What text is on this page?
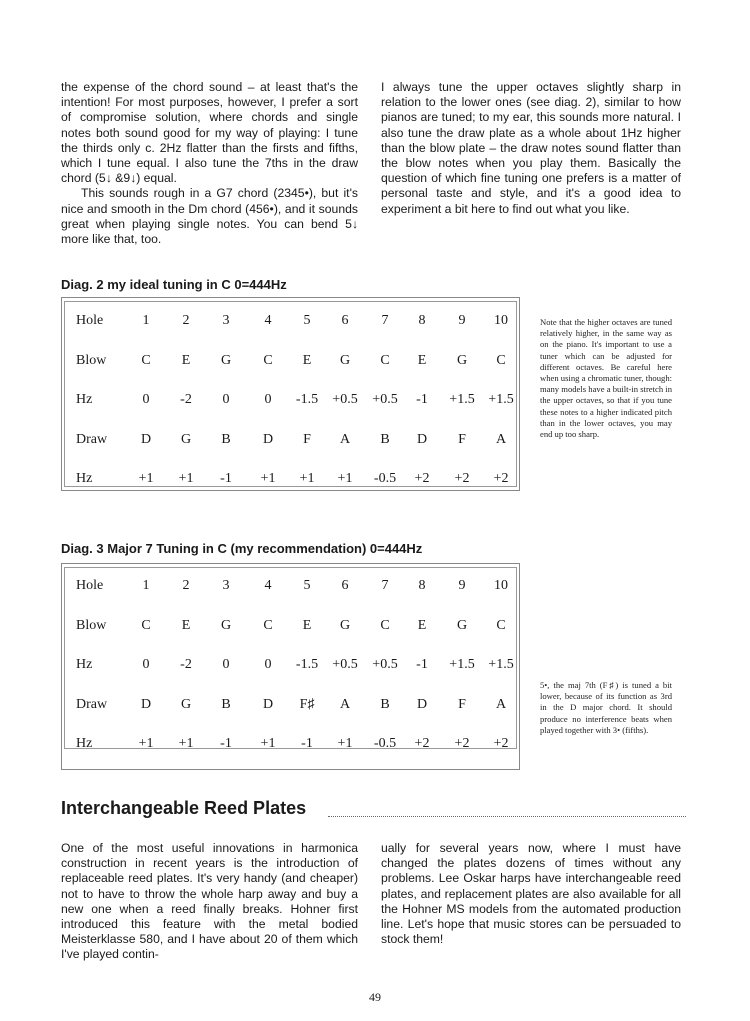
the expense of the chord sound – at least that's the intention! For most purposes, however, I prefer a sort of compromise solution, where chords and single notes both sound good for my way of playing: I tune the thirds only c. 2Hz flatter than the firsts and fifths, which I tune equal. I also tune the 7ths in the draw chord (5↓ &9↓) equal.

This sounds rough in a G7 chord (2345•), but it's nice and smooth in the Dm chord (456•), and it sounds great when playing single notes. You can bend 5↓ more like that, too.

I always tune the upper octaves slightly sharp in relation to the lower ones (see diag. 2), similar to how pianos are tuned; to my ear, this sounds more natural. I also tune the draw plate as a whole about 1Hz higher than the blow plate – the draw notes sound flatter than the blow notes when you play them. Basically the question of which fine tuning one prefers is a matter of personal taste and style, and it's a good idea to experiment a bit here to find out what you like.

Diag. 2 my ideal tuning in C 0=444Hz
Hole	1	2	3	4	5	6	7	8	9	10
Blow	C	E	G	C	E	G	C	E	G	C
Hz	0	-2	0	0	-1.5	+0.5	+0.5	-1	+1.5 +1.5
Draw	D	G	B	D	F	A	B	D	F	A
Hz	+1	+1	-1	+1	+1	+1	-0.5	+2	+2	+2
Note that the higher octaves are tuned relatively higher, in the same way as on the piano. It's important to use a tuner which can be adjusted for different octaves. Be careful here when using a chromatic tuner, though: many models have a built-in stretch in the upper octaves, so that if you tune these notes to a higher indicated pitch than in the lower octaves, you may end up too sharp.
Diag. 3 Major 7 Tuning in C (my recommendation) 0=444Hz
Hole	1	2	3	4	5	6	7	8	9	10
Blow	C	E	G	C	E	G	C	E	G	C
Hz	0	-2	0	0	-1.5	+0.5	+0.5	-1	+1.5 +1.5
Draw	D	G	B	D	F♯	A	B	D	F	A
Hz	+1	+1	-1	+1	-1	+1	-0.5	+2	+2	+2
5•, the maj 7th (F♯) is tuned a bit lower, because of its function as 3rd in the D major chord. It should produce no interference beats when played together with 3• (fifths).
Interchangeable Reed Plates

One of the most useful innovations in harmonica construction in recent years is the introduction of replaceable reed plates. It's very handy (and cheaper) not to have to throw the whole harp away and buy a new one when a reed finally breaks. Hohner first introduced this feature with the metal bodied Meisterklasse 580, and I have about 20 of them which I've played contin-

ually for several years now, where I must have changed the plates dozens of times without any problems. Lee Oskar harps have interchangeable reed plates, and replacement plates are also available for all the Hohner MS models from the automated production line. Let's hope that music stores can be persuaded to stock them!

49
